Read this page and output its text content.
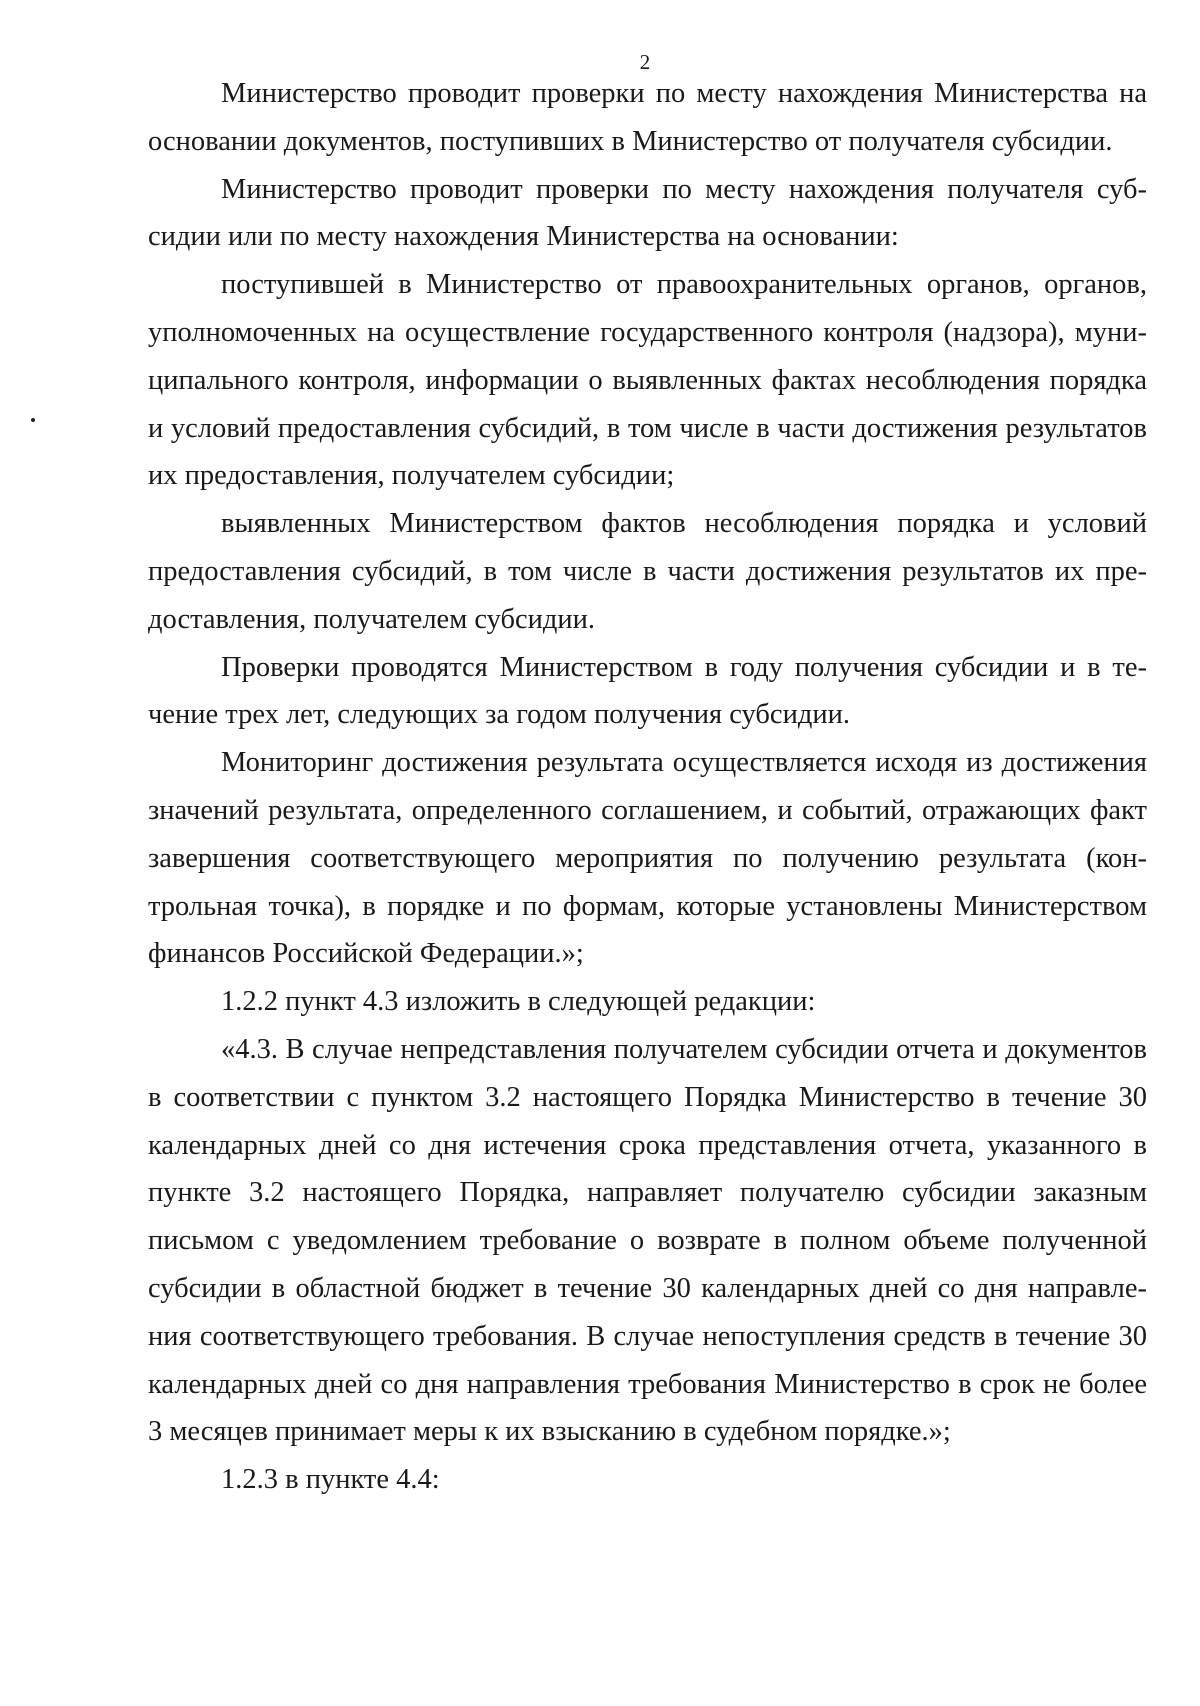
2

Министерство проводит проверки по месту нахождения Министерства на основании документов, поступивших в Министерство от получателя субсидии.

Министерство проводит проверки по месту нахождения получателя субсидии или по месту нахождения Министерства на основании:

поступившей в Министерство от правоохранительных органов, органов, уполномоченных на осуществление государственного контроля (надзора), муниципального контроля, информации о выявленных фактах несоблюдения порядка и условий предоставления субсидий, в том числе в части достижения результатов их предоставления, получателем субсидии;

выявленных Министерством фактов несоблюдения порядка и условий предоставления субсидий, в том числе в части достижения результатов их предоставления, получателем субсидии.

Проверки проводятся Министерством в году получения субсидии и в течение трех лет, следующих за годом получения субсидии.

Мониторинг достижения результата осуществляется исходя из достижения значений результата, определенного соглашением, и событий, отражающих факт завершения соответствующего мероприятия по получению результата (контрольная точка), в порядке и по формам, которые установлены Министерством финансов Российской Федерации.»;

1.2.2 пункт 4.3 изложить в следующей редакции:

«4.3. В случае непредставления получателем субсидии отчета и документов в соответствии с пунктом 3.2 настоящего Порядка Министерство в течение 30 календарных дней со дня истечения срока представления отчета, указанного в пункте 3.2 настоящего Порядка, направляет получателю субсидии заказным письмом с уведомлением требование о возврате в полном объеме полученной субсидии в областной бюджет в течение 30 календарных дней со дня направления соответствующего требования. В случае непоступления средств в течение 30 календарных дней со дня направления требования Министерство в срок не более 3 месяцев принимает меры к их взысканию в судебном порядке.»;

1.2.3 в пункте 4.4:
